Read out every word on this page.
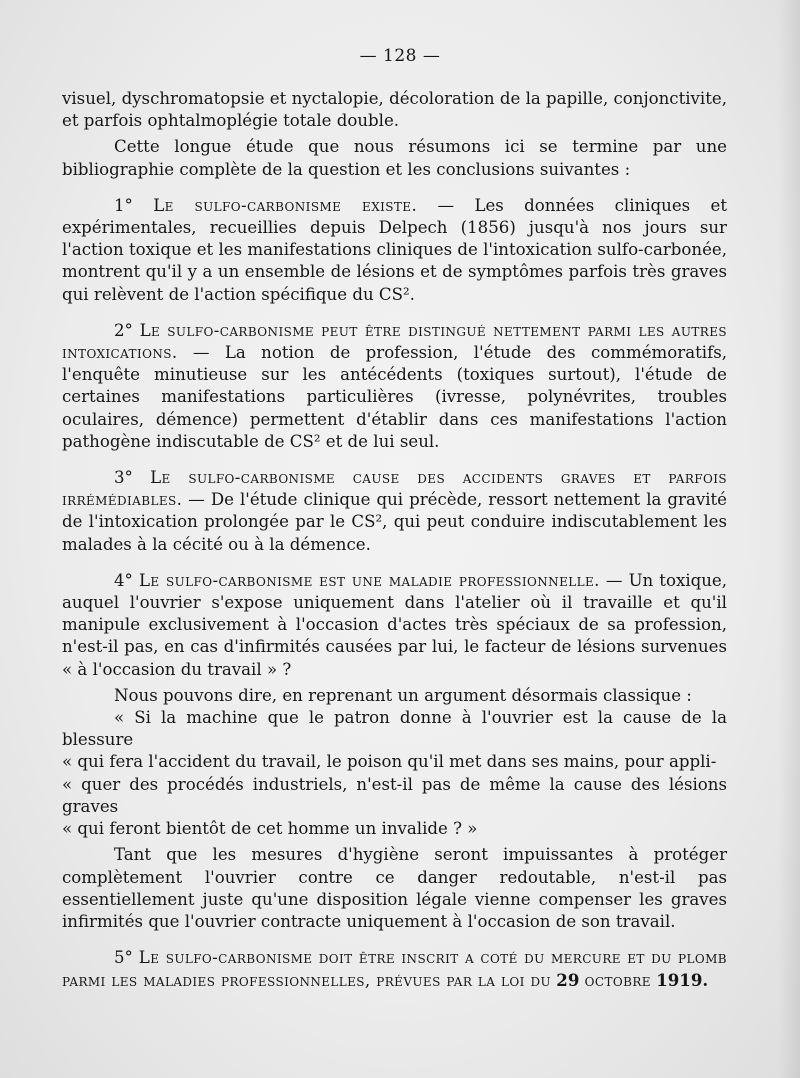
— 128 —

visuel, dyschromatopsie et nyctalopie, décoloration de la papille, conjonctivite, et parfois ophtalmoplégie totale double.

Cette longue étude que nous résumons ici se termine par une bibliographie complète de la question et les conclusions suivantes :

1° Le sulfo-carbonisme existe. — Les données cliniques et expérimentales, recueillies depuis Delpech (1856) jusqu'à nos jours sur l'action toxique et les manifestations cliniques de l'intoxication sulfo-carbonée, montrent qu'il y a un ensemble de lésions et de symptômes parfois très graves qui relèvent de l'action spécifique du CS².

2° Le sulfo-carbonisme peut être distingué nettement parmi les autres intoxications. — La notion de profession, l'étude des commémoratifs, l'enquête minutieuse sur les antécédents (toxiques surtout), l'étude de certaines manifestations particulières (ivresse, polynévrites, troubles oculaires, démence) permettent d'établir dans ces manifestations l'action pathogène indiscutable de CS² et de lui seul.

3° Le sulfo-carbonisme cause des accidents graves et parfois irrémédiables. — De l'étude clinique qui précède, ressort nettement la gravité de l'intoxication prolongée par le CS², qui peut conduire indiscutablement les malades à la cécité ou à la démence.

4° Le sulfo-carbonisme est une maladie professionnelle. — Un toxique, auquel l'ouvrier s'expose uniquement dans l'atelier où il travaille et qu'il manipule exclusivement à l'occasion d'actes très spéciaux de sa profession, n'est-il pas, en cas d'infirmités causées par lui, le facteur de lésions survenues « à l'occasion du travail » ?

Nous pouvons dire, en reprenant un argument désormais classique :

« Si la machine que le patron donne à l'ouvrier est la cause de la blessure
« qui fera l'accident du travail, le poison qu'il met dans ses mains, pour appli-
« quer des procédés industriels, n'est-il pas de même la cause des lésions graves
« qui feront bientôt de cet homme un invalide ? »

Tant que les mesures d'hygiène seront impuissantes à protéger complètement l'ouvrier contre ce danger redoutable, n'est-il pas essentiellement juste qu'une disposition légale vienne compenser les graves infirmités que l'ouvrier contracte uniquement à l'occasion de son travail.

5° Le sulfo-carbonisme doit être inscrit a coté du mercure et du plomb parmi les maladies professionnelles, prévues par la loi du 29 octobre 1919.
